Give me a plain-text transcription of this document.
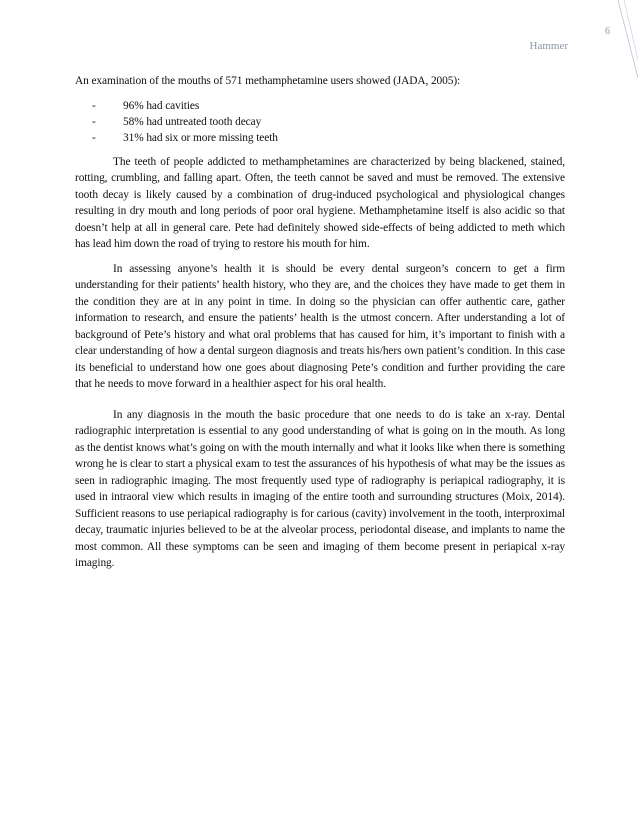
6
Hammer

An examination of the mouths of 571 methamphetamine users showed (JADA, 2005):

- 96% had cavities
- 58% had untreated tooth decay
- 31% had six or more missing teeth

The teeth of people addicted to methamphetamines are characterized by being blackened, stained, rotting, crumbling, and falling apart. Often, the teeth cannot be saved and must be removed. The extensive tooth decay is likely caused by a combination of drug-induced psychological and physiological changes resulting in dry mouth and long periods of poor oral hygiene. Methamphetamine itself is also acidic so that doesn’t help at all in general care. Pete had definitely showed side-effects of being addicted to meth which has lead him down the road of trying to restore his mouth for him.

In assessing anyone’s health it is should be every dental surgeon’s concern to get a firm understanding for their patients’ health history, who they are, and the choices they have made to get them in the condition they are at in any point in time. In doing so the physician can offer authentic care, gather information to research, and ensure the patients’ health is the utmost concern. After understanding a lot of background of Pete’s history and what oral problems that has caused for him, it’s important to finish with a clear understanding of how a dental surgeon diagnosis and treats his/hers own patient’s condition. In this case its beneficial to understand how one goes about diagnosing Pete’s condition and further providing the care that he needs to move forward in a healthier aspect for his oral health.

In any diagnosis in the mouth the basic procedure that one needs to do is take an x-ray. Dental radiographic interpretation is essential to any good understanding of what is going on in the mouth. As long as the dentist knows what’s going on with the mouth internally and what it looks like when there is something wrong he is clear to start a physical exam to test the assurances of his hypothesis of what may be the issues as seen in radiographic imaging. The most frequently used type of radiography is periapical radiography, it is used in intraoral view which results in imaging of the entire tooth and surrounding structures (Moix, 2014). Sufficient reasons to use periapical radiography is for carious (cavity) involvement in the tooth, interproximal decay, traumatic injuries believed to be at the alveolar process, periodontal disease, and implants to name the most common. All these symptoms can be seen and imaging of them become present in periapical x-ray imaging.
